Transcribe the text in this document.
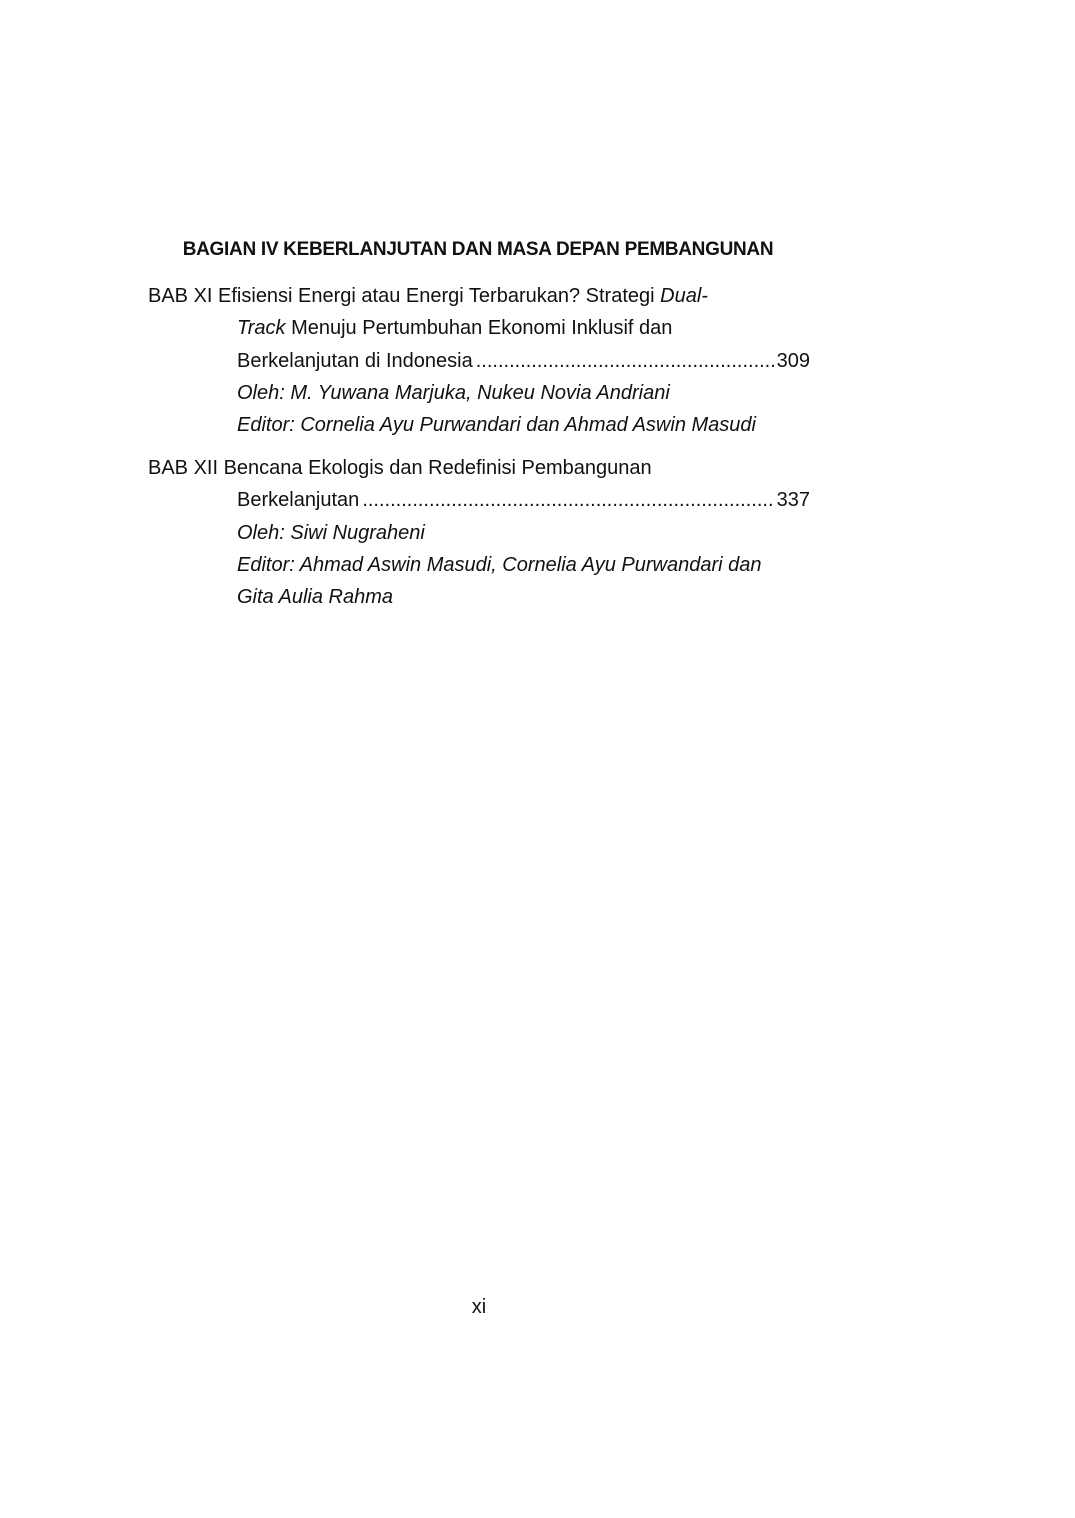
BAGIAN IV KEBERLANJUTAN DAN MASA DEPAN PEMBANGUNAN
BAB XI Efisiensi Energi atau Energi Terbarukan? Strategi Dual-
Track Menuju Pertumbuhan Ekonomi Inklusif dan
Berkelanjutan di Indonesia .....	309
Oleh: M. Yuwana Marjuka, Nukeu Novia Andriani
Editor: Cornelia Ayu Purwandari dan Ahmad Aswin Masudi
BAB XII Bencana Ekologis dan Redefinisi Pembangunan
Berkelanjutan .....	337
Oleh: Siwi Nugraheni
Editor: Ahmad Aswin Masudi, Cornelia Ayu Purwandari dan
Gita Aulia Rahma
xi
